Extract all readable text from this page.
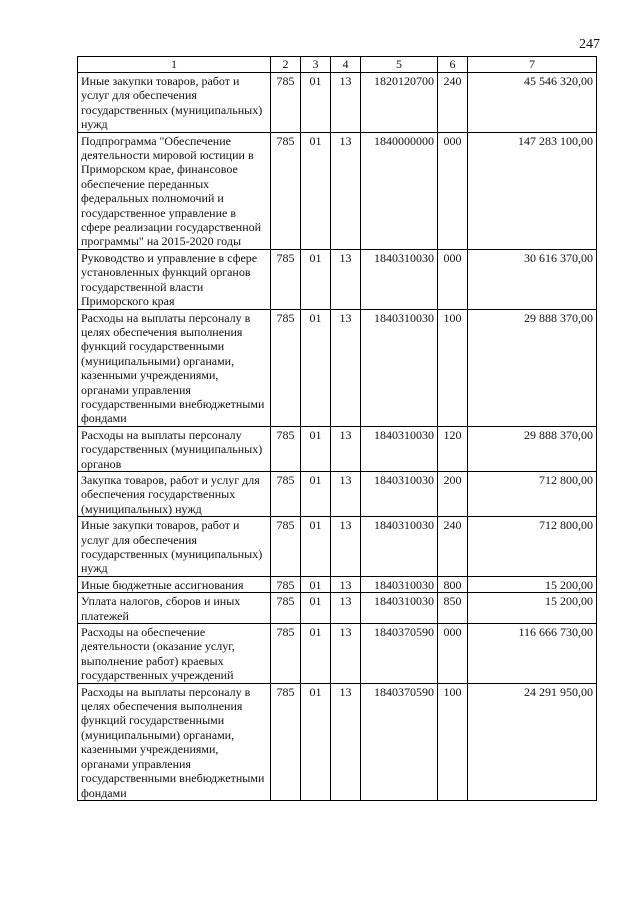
247
1	2	3	4	5	6	7
Иные закупки товаров, работ и услуг для обеспечения государственных (муниципальных) нужд	785	01	13	1820120700	240	45 546 320,00
Подпрограмма "Обеспечение деятельности мировой юстиции в Приморском крае, финансовое обеспечение переданных федеральных полномочий и государственное управление в сфере реализации государственной программы" на 2015-2020 годы	785	01	13	1840000000	000	147 283 100,00
Руководство и управление в сфере установленных функций органов государственной власти Приморского края	785	01	13	1840310030	000	30 616 370,00
Расходы на выплаты персоналу в целях обеспечения выполнения функций государственными (муниципальными) органами, казенными учреждениями, органами управления государственными внебюджетными фондами	785	01	13	1840310030	100	29 888 370,00
Расходы на выплаты персоналу государственных (муниципальных) органов	785	01	13	1840310030	120	29 888 370,00
Закупка товаров, работ и услуг для обеспечения государственных (муниципальных) нужд	785	01	13	1840310030	200	712 800,00
Иные закупки товаров, работ и услуг для обеспечения государственных (муниципальных) нужд	785	01	13	1840310030	240	712 800,00
Иные бюджетные ассигнования	785	01	13	1840310030	800	15 200,00
Уплата налогов, сборов и иных платежей	785	01	13	1840310030	850	15 200,00
Расходы на обеспечение деятельности (оказание услуг, выполнение работ) краевых государственных учреждений	785	01	13	1840370590	000	116 666 730,00
Расходы на выплаты персоналу в целях обеспечения выполнения функций государственными (муниципальными) органами, казенными учреждениями, органами управления государственными внебюджетными фондами	785	01	13	1840370590	100	24 291 950,00
